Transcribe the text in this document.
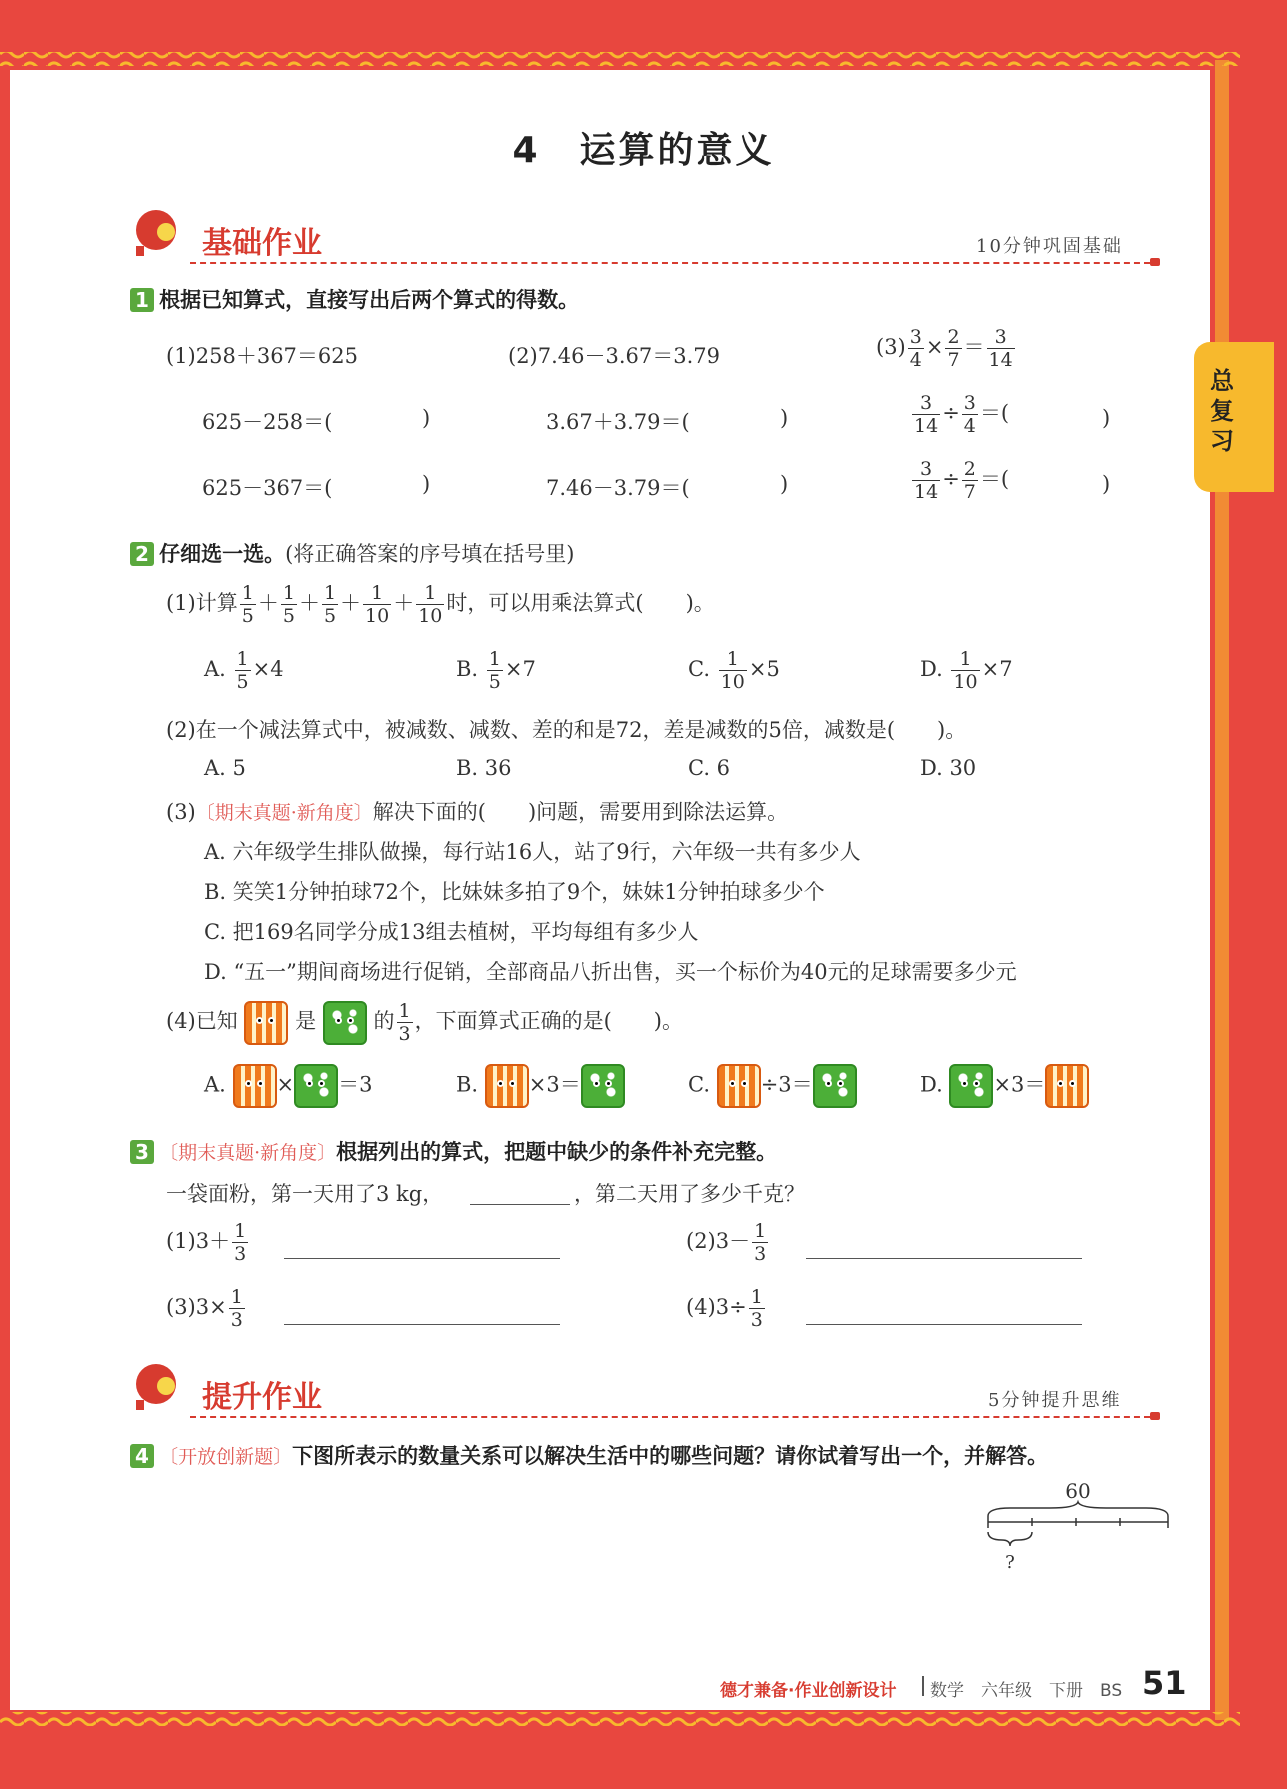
总复习
4　运算的意义
基础作业	10分钟巩固基础
1 根据已知算式，直接写出后两个算式的得数。
(1)258＋367＝625	(2)7.46－3.67＝3.79	$(3) \frac{3}{4} \times \frac{2}{7} = \frac{3}{14}$
625－258＝(	)	3.67＋3.79＝(	)	$\frac{3}{14} \div \frac{3}{4}$ ＝(	)
625－367＝(	)	7.46－3.79＝(	)	$\frac{3}{14} \div \frac{2}{7}$ ＝(	)
2 仔细选一选。(将正确答案的序号填在括号里)
(1)计算 $\frac{1}{5} + \frac{1}{5} + \frac{1}{5} + \frac{1}{10} + \frac{1}{10}$ 时，可以用乘法算式(　　)。
A. $\frac{1}{5} \times 4$	B. $\frac{1}{5} \times 7$	C. $\frac{1}{10} \times 5$	D. $\frac{1}{10} \times 7$
(2)在一个减法算式中，被减数、减数、差的和是72，差是减数的5倍，减数是(　　)。
A. 5	B. 36	C. 6	D. 30
(3)〔期末真题·新角度〕解决下面的(　　)问题，需要用到除法运算。
A. 六年级学生排队做操，每行站16人，站了9行，六年级一共有多少人
B. 笑笑1分钟拍球72个，比妹妹多拍了9个，妹妹1分钟拍球多少个
C. 把169名同学分成13组去植树，平均每组有多少人
D. “五一”期间商场进行促销，全部商品八折出售，买一个标价为40元的足球需要多少元
(4)已知	是	的 $\frac{1}{3}$ ，下面算式正确的是(　　)。
A. × ＝3	B. ×3＝	C. ÷3＝	D. ×3＝
3 〔期末真题·新角度〕根据列出的算式，把题中缺少的条件补充完整。
一袋面粉，第一天用了3 kg，	，第二天用了多少千克？
$(1)3+ \frac{1}{3}$	$(2)3- \frac{1}{3}$
$(3)3\times \frac{1}{3}$	$(4)3\div \frac{1}{3}$
提升作业	5分钟提升思维
4 〔开放创新题〕下图所表示的数量关系可以解决生活中的哪些问题？请你试着写出一个，并解答。
60
?
德才兼备·作业创新设计 数学　六年级　下册　BS 51
